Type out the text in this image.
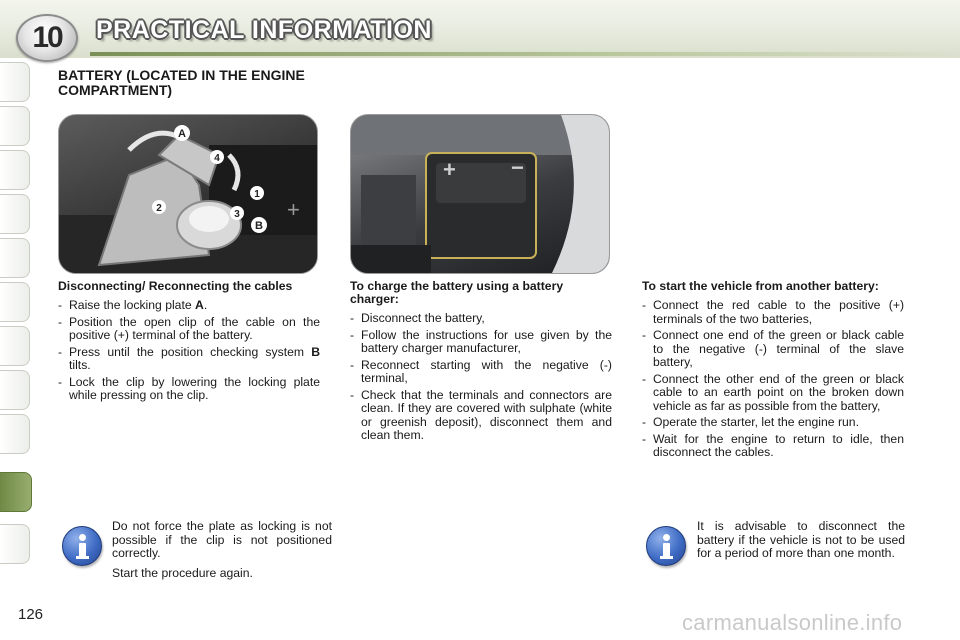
10	PRACTICAL INFORMATION
BATTERY (LOCATED IN THE ENGINE COMPARTMENT)
A
4
1
2
3
B
+
+	−
Disconnecting/ Reconnecting the cables
- Raise the locking plate A.
- Position the open clip of the cable on the positive (+) terminal of the battery.
- Press until the position checking system B tilts.
- Lock the clip by lowering the locking plate while pressing on the clip.
To charge the battery using a battery charger:
- Disconnect the battery,
- Follow the instructions for use given by the battery charger manufacturer,
- Reconnect starting with the negative (-) terminal,
- Check that the terminals and connectors are clean. If they are covered with sulphate (white or greenish deposit), disconnect them and clean them.
To start the vehicle from another battery:
- Connect the red cable to the positive (+) terminals of the two batteries,
- Connect one end of the green or black cable to the negative (-) terminal of the slave battery,
- Connect the other end of the green or black cable to an earth point on the broken down vehicle as far as possible from the battery,
- Operate the starter, let the engine run.
- Wait for the engine to return to idle, then disconnect the cables.

Do not force the plate as locking is not possible if the clip is not positioned correctly.

Start the procedure again.

It is advisable to disconnect the battery if the vehicle is not to be used for a period of more than one month.

126	carmanualsonline.info
